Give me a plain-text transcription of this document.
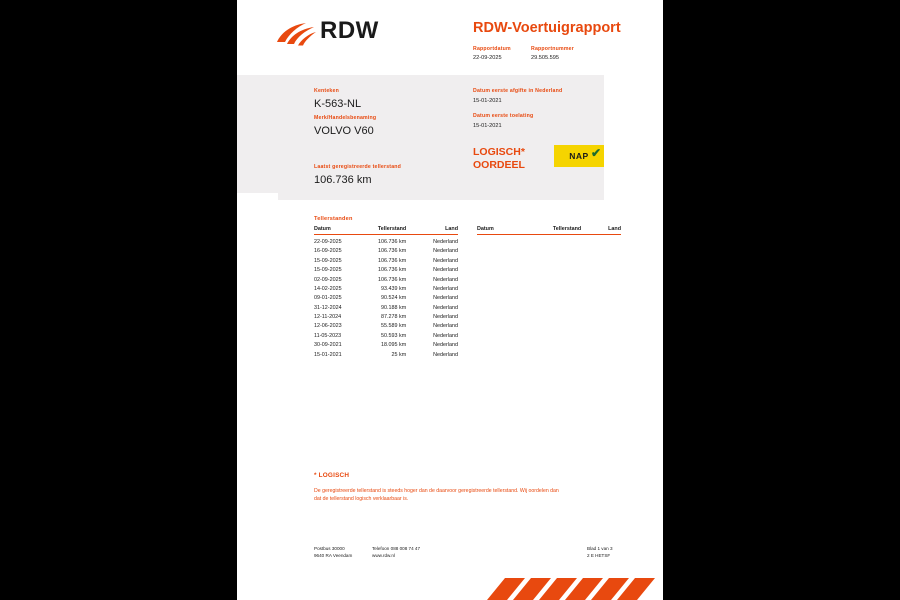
RDW	RDW-Voertuigrapport
Rapportdatum
22-09-2025
Rapportnummer
29.505.595
Kenteken
K-563-NL
Merk/Handelsbenaming
VOLVO V60
Laatst geregistreerde tellerstand
106.736 km
Datum eerste afgifte in Nederland
15-01-2021
Datum eerste toelating
15-01-2021
LOGISCH*
OORDEEL
NAP ✔
Tellerstanden
Datum	Tellerstand	Land
22-09-2025	106.736 km	Nederland
16-09-2025	106.736 km	Nederland
15-09-2025	106.736 km	Nederland
15-09-2025	106.736 km	Nederland
02-09-2025	106.736 km	Nederland
14-02-2025	93.439 km	Nederland
09-01-2025	90.524 km	Nederland
31-12-2024	90.188 km	Nederland
12-11-2024	87.278 km	Nederland
12-06-2023	55.589 km	Nederland
11-05-2023	50.593 km	Nederland
30-09-2021	18.095 km	Nederland
15-01-2021	25 km	Nederland
Datum	Tellerstand	Land
* LOGISCH
De geregistreerde tellerstand is steeds hoger dan de daarvoor geregistreerde tellerstand. Wij oordelen dan
dat de tellerstand logisch verklaarbaar is.
Postbus 30000
9640 RA Veendam
Telefoon 088 008 74 47
www.rdw.nl
Blad 1 van 3
2 E HETSF
